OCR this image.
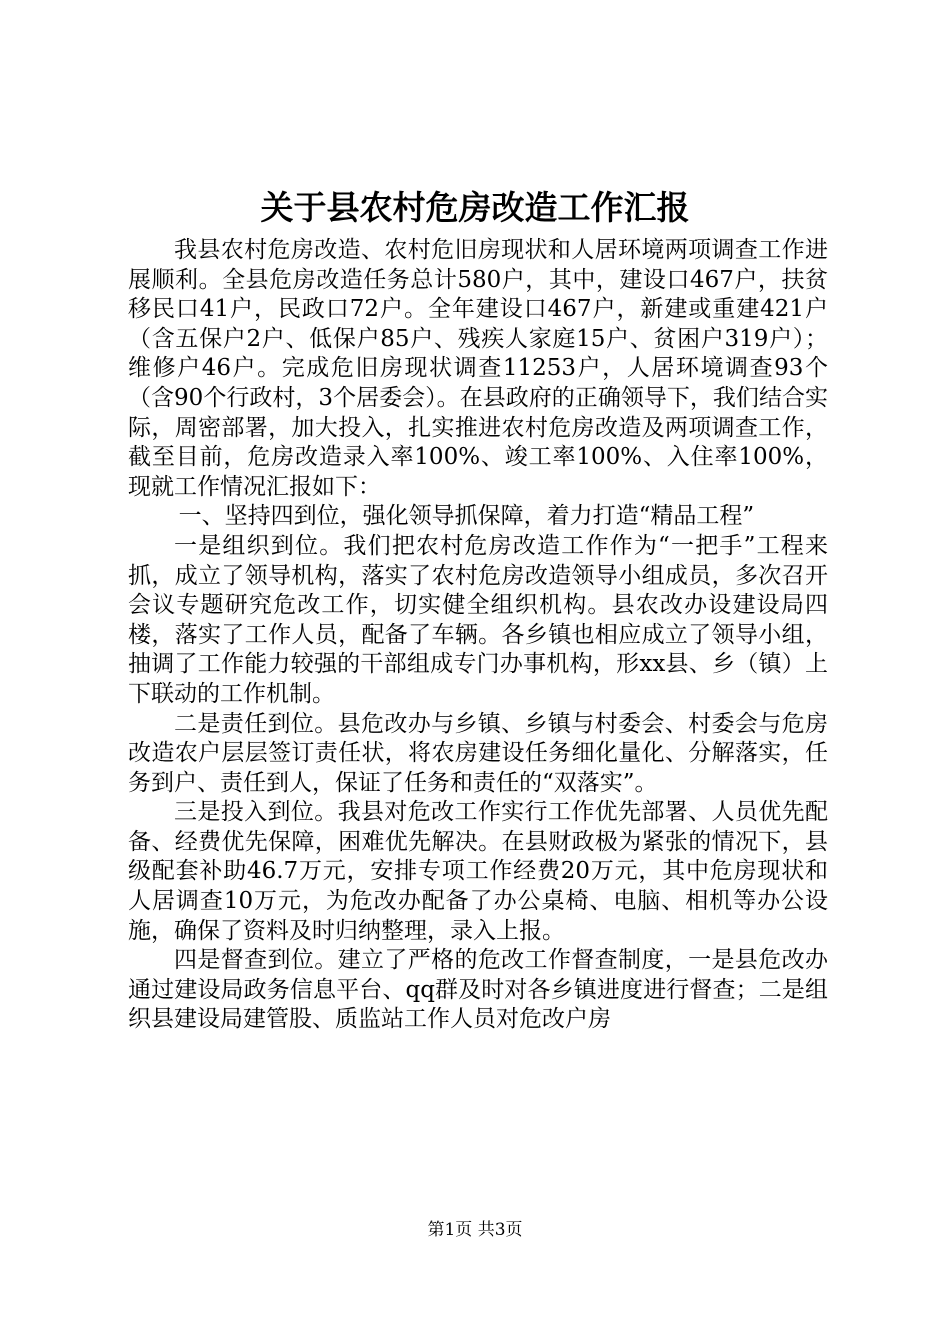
关于县农村危房改造工作汇报

我县农村危房改造、农村危旧房现状和人居环境两项调查工作进展顺利。全县危房改造任务总计580户，其中，建设口467户，扶贫移民口41户，民政口72户。全年建设口467户，新建或重建421户（含五保户2户、低保户85户、残疾人家庭15户、贫困户319户）；维修户46户。完成危旧房现状调查11253户，人居环境调查93个（含90个行政村，3个居委会）。在县政府的正确领导下，我们结合实际，周密部署，加大投入，扎实推进农村危房改造及两项调查工作，截至目前，危房改造录入率100%、竣工率100%、入住率100%，现就工作情况汇报如下：

一、坚持四到位，强化领导抓保障，着力打造“精品工程”

一是组织到位。我们把农村危房改造工作作为“一把手”工程来抓，成立了领导机构，落实了农村危房改造领导小组成员，多次召开会议专题研究危改工作，切实健全组织机构。县农改办设建设局四楼，落实了工作人员，配备了车辆。各乡镇也相应成立了领导小组，抽调了工作能力较强的干部组成专门办事机构，形xx县、乡（镇）上下联动的工作机制。

二是责任到位。县危改办与乡镇、乡镇与村委会、村委会与危房改造农户层层签订责任状，将农房建设任务细化量化、分解落实，任务到户、责任到人，保证了任务和责任的“双落实”。

三是投入到位。我县对危改工作实行工作优先部署、人员优先配备、经费优先保障，困难优先解决。在县财政极为紧张的情况下，县级配套补助46.7万元，安排专项工作经费20万元，其中危房现状和人居调查10万元，为危改办配备了办公桌椅、电脑、相机等办公设施，确保了资料及时归纳整理，录入上报。

四是督查到位。建立了严格的危改工作督查制度，一是县危改办通过建设局政务信息平台、qq群及时对各乡镇进度进行督查；二是组织县建设局建管股、质监站工作人员对危改户房

第1页 共3页
